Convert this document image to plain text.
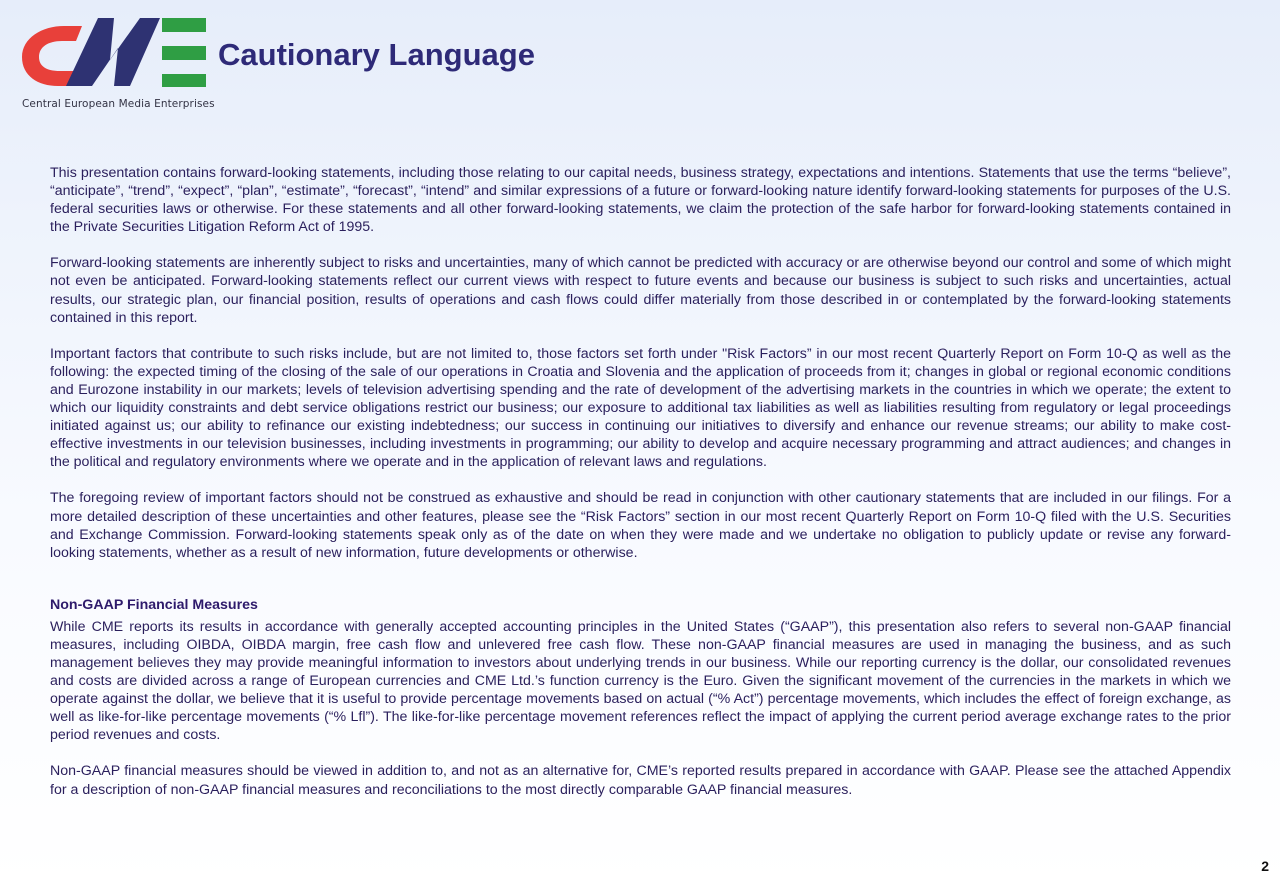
Central European Media Enterprises
Cautionary Language

This presentation contains forward-looking statements, including those relating to our capital needs, business strategy, expectations and intentions. Statements that use the terms “believe”, “anticipate”, “trend”, “expect”, “plan”, “estimate”, “forecast”, “intend” and similar expressions of a future or forward-looking nature identify forward-looking statements for purposes of the U.S. federal securities laws or otherwise. For these statements and all other forward-looking statements, we claim the protection of the safe harbor for forward-looking statements contained in the Private Securities Litigation Reform Act of 1995.

Forward-looking statements are inherently subject to risks and uncertainties, many of which cannot be predicted with accuracy or are otherwise beyond our control and some of which might not even be anticipated. Forward-looking statements reflect our current views with respect to future events and because our business is subject to such risks and uncertainties, actual results, our strategic plan, our financial position, results of operations and cash flows could differ materially from those described in or contemplated by the forward-looking statements contained in this report.

Important factors that contribute to such risks include, but are not limited to, those factors set forth under "Risk Factors” in our most recent Quarterly Report on Form 10-Q as well as the following: the expected timing of the closing of the sale of our operations in Croatia and Slovenia and the application of proceeds from it; changes in global or regional economic conditions and Eurozone instability in our markets; levels of television advertising spending and the rate of development of the advertising markets in the countries in which we operate; the extent to which our liquidity constraints and debt service obligations restrict our business; our exposure to additional tax liabilities as well as liabilities resulting from regulatory or legal proceedings initiated against us; our ability to refinance our existing indebtedness; our success in continuing our initiatives to diversify and enhance our revenue streams; our ability to make cost-effective investments in our television businesses, including investments in programming; our ability to develop and acquire necessary programming and attract audiences; and changes in the political and regulatory environments where we operate and in the application of relevant laws and regulations.

The foregoing review of important factors should not be construed as exhaustive and should be read in conjunction with other cautionary statements that are included in our filings. For a more detailed description of these uncertainties and other features, please see the “Risk Factors” section in our most recent Quarterly Report on Form 10-Q filed with the U.S. Securities and Exchange Commission. Forward-looking statements speak only as of the date on when they were made and we undertake no obligation to publicly update or revise any forward-looking statements, whether as a result of new information, future developments or otherwise.

Non-GAAP Financial Measures

While CME reports its results in accordance with generally accepted accounting principles in the United States (“GAAP”), this presentation also refers to several non-GAAP financial measures, including OIBDA, OIBDA margin, free cash flow and unlevered free cash flow. These non-GAAP financial measures are used in managing the business, and as such management believes they may provide meaningful information to investors about underlying trends in our business. While our reporting currency is the dollar, our consolidated revenues and costs are divided across a range of European currencies and CME Ltd.’s function currency is the Euro. Given the significant movement of the currencies in the markets in which we operate against the dollar, we believe that it is useful to provide percentage movements based on actual (“% Act”) percentage movements, which includes the effect of foreign exchange, as well as like-for-like percentage movements (“% Lfl”). The like-for-like percentage movement references reflect the impact of applying the current period average exchange rates to the prior period revenues and costs.

Non-GAAP financial measures should be viewed in addition to, and not as an alternative for, CME’s reported results prepared in accordance with GAAP. Please see the attached Appendix for a description of non-GAAP financial measures and reconciliations to the most directly comparable GAAP financial measures.

2
